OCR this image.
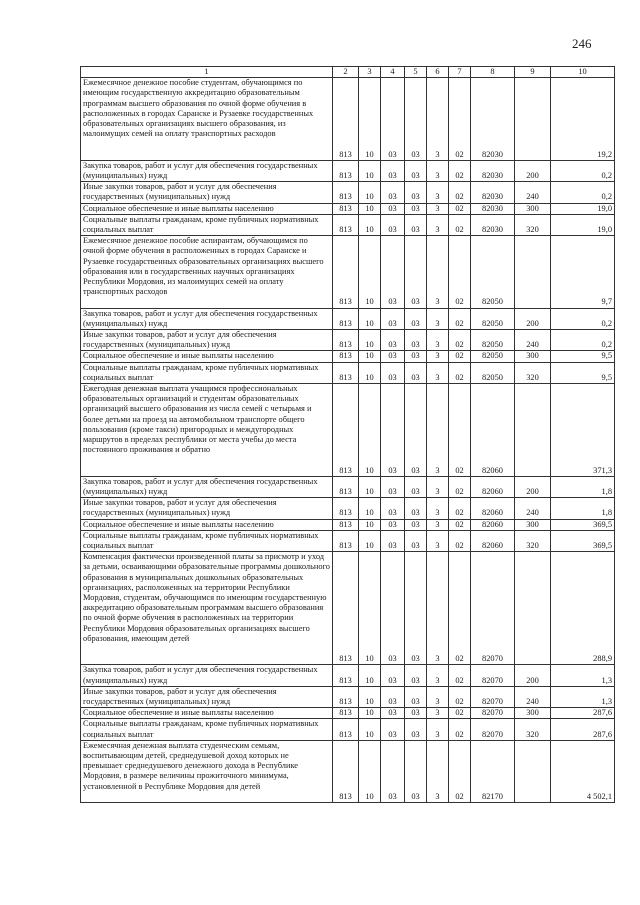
246
1	2	3	4	5	6	7	8	9	10
Ежемесячное денежное пособие студентам, обучающимся по имеющим государственную аккредитацию образовательным программам высшего образования по очной форме обучения в расположенных в городах Саранске и Рузаевке государственных образовательных организациях высшего образования, из малоимущих семей на оплату транспортных расходов	813	10	03	03	3	02	82030		19,2
Закупка товаров, работ и услуг для обеспечения государственных (муниципальных) нужд	813	10	03	03	3	02	82030	200	0,2
Иные закупки товаров, работ и услуг для обеспечения государственных (муниципальных) нужд	813	10	03	03	3	02	82030	240	0,2
Социальное обеспечение и иные выплаты населению	813	10	03	03	3	02	82030	300	19,0
Социальные выплаты гражданам, кроме публичных нормативных социальных выплат	813	10	03	03	3	02	82030	320	19,0
Ежемесячное денежное пособие аспирантам, обучающимся по очной форме обучения в расположенных в городах Саранске и Рузаевке государственных образовательных организациях высшего образования или в государственных научных организациях Республики Мордовия, из малоимущих семей на оплату транспортных расходов	813	10	03	03	3	02	82050		9,7
Закупка товаров, работ и услуг для обеспечения государственных (муниципальных) нужд	813	10	03	03	3	02	82050	200	0,2
Иные закупки товаров, работ и услуг для обеспечения государственных (муниципальных) нужд	813	10	03	03	3	02	82050	240	0,2
Социальное обеспечение и иные выплаты населению	813	10	03	03	3	02	82050	300	9,5
Социальные выплаты гражданам, кроме публичных нормативных социальных выплат	813	10	03	03	3	02	82050	320	9,5
Ежегодная денежная выплата учащимся профессиональных образовательных организаций и студентам образовательных организаций высшего образования из числа семей с четырьмя и более детьми на проезд на автомобильном транспорте общего пользования (кроме такси) пригородных и междугородных маршрутов в пределах республики от места учебы до места постоянного проживания и обратно	813	10	03	03	3	02	82060		371,3
Закупка товаров, работ и услуг для обеспечения государственных (муниципальных) нужд	813	10	03	03	3	02	82060	200	1,8
Иные закупки товаров, работ и услуг для обеспечения государственных (муниципальных) нужд	813	10	03	03	3	02	82060	240	1,8
Социальное обеспечение и иные выплаты населению	813	10	03	03	3	02	82060	300	369,5
Социальные выплаты гражданам, кроме публичных нормативных социальных выплат	813	10	03	03	3	02	82060	320	369,5
Компенсация фактически произведенной платы за присмотр и уход за детьми, осваивающими образовательные программы дошкольного образования в муниципальных дошкольных образовательных организациях, расположенных на территории Республики Мордовия, студентам, обучающимся по имеющим государственную аккредитацию образовательным программам высшего образования по очной форме обучения в расположенных на территории Республики Мордовия образовательных организациях высшего образования, имеющим детей	813	10	03	03	3	02	82070		288,9
Закупка товаров, работ и услуг для обеспечения государственных (муниципальных) нужд	813	10	03	03	3	02	82070	200	1,3
Иные закупки товаров, работ и услуг для обеспечения государственных (муниципальных) нужд	813	10	03	03	3	02	82070	240	1,3
Социальное обеспечение и иные выплаты населению	813	10	03	03	3	02	82070	300	287,6
Социальные выплаты гражданам, кроме публичных нормативных социальных выплат	813	10	03	03	3	02	82070	320	287,6
Ежемесячная денежная выплата студенческим семьям, воспитывающим детей, среднедушевой доход которых не превышает среднедушевого денежного дохода в Республике Мордовия, в размере величины прожиточного минимума, установленной в Республике Мордовия для детей	813	10	03	03	3	02	82170		4 502,1
